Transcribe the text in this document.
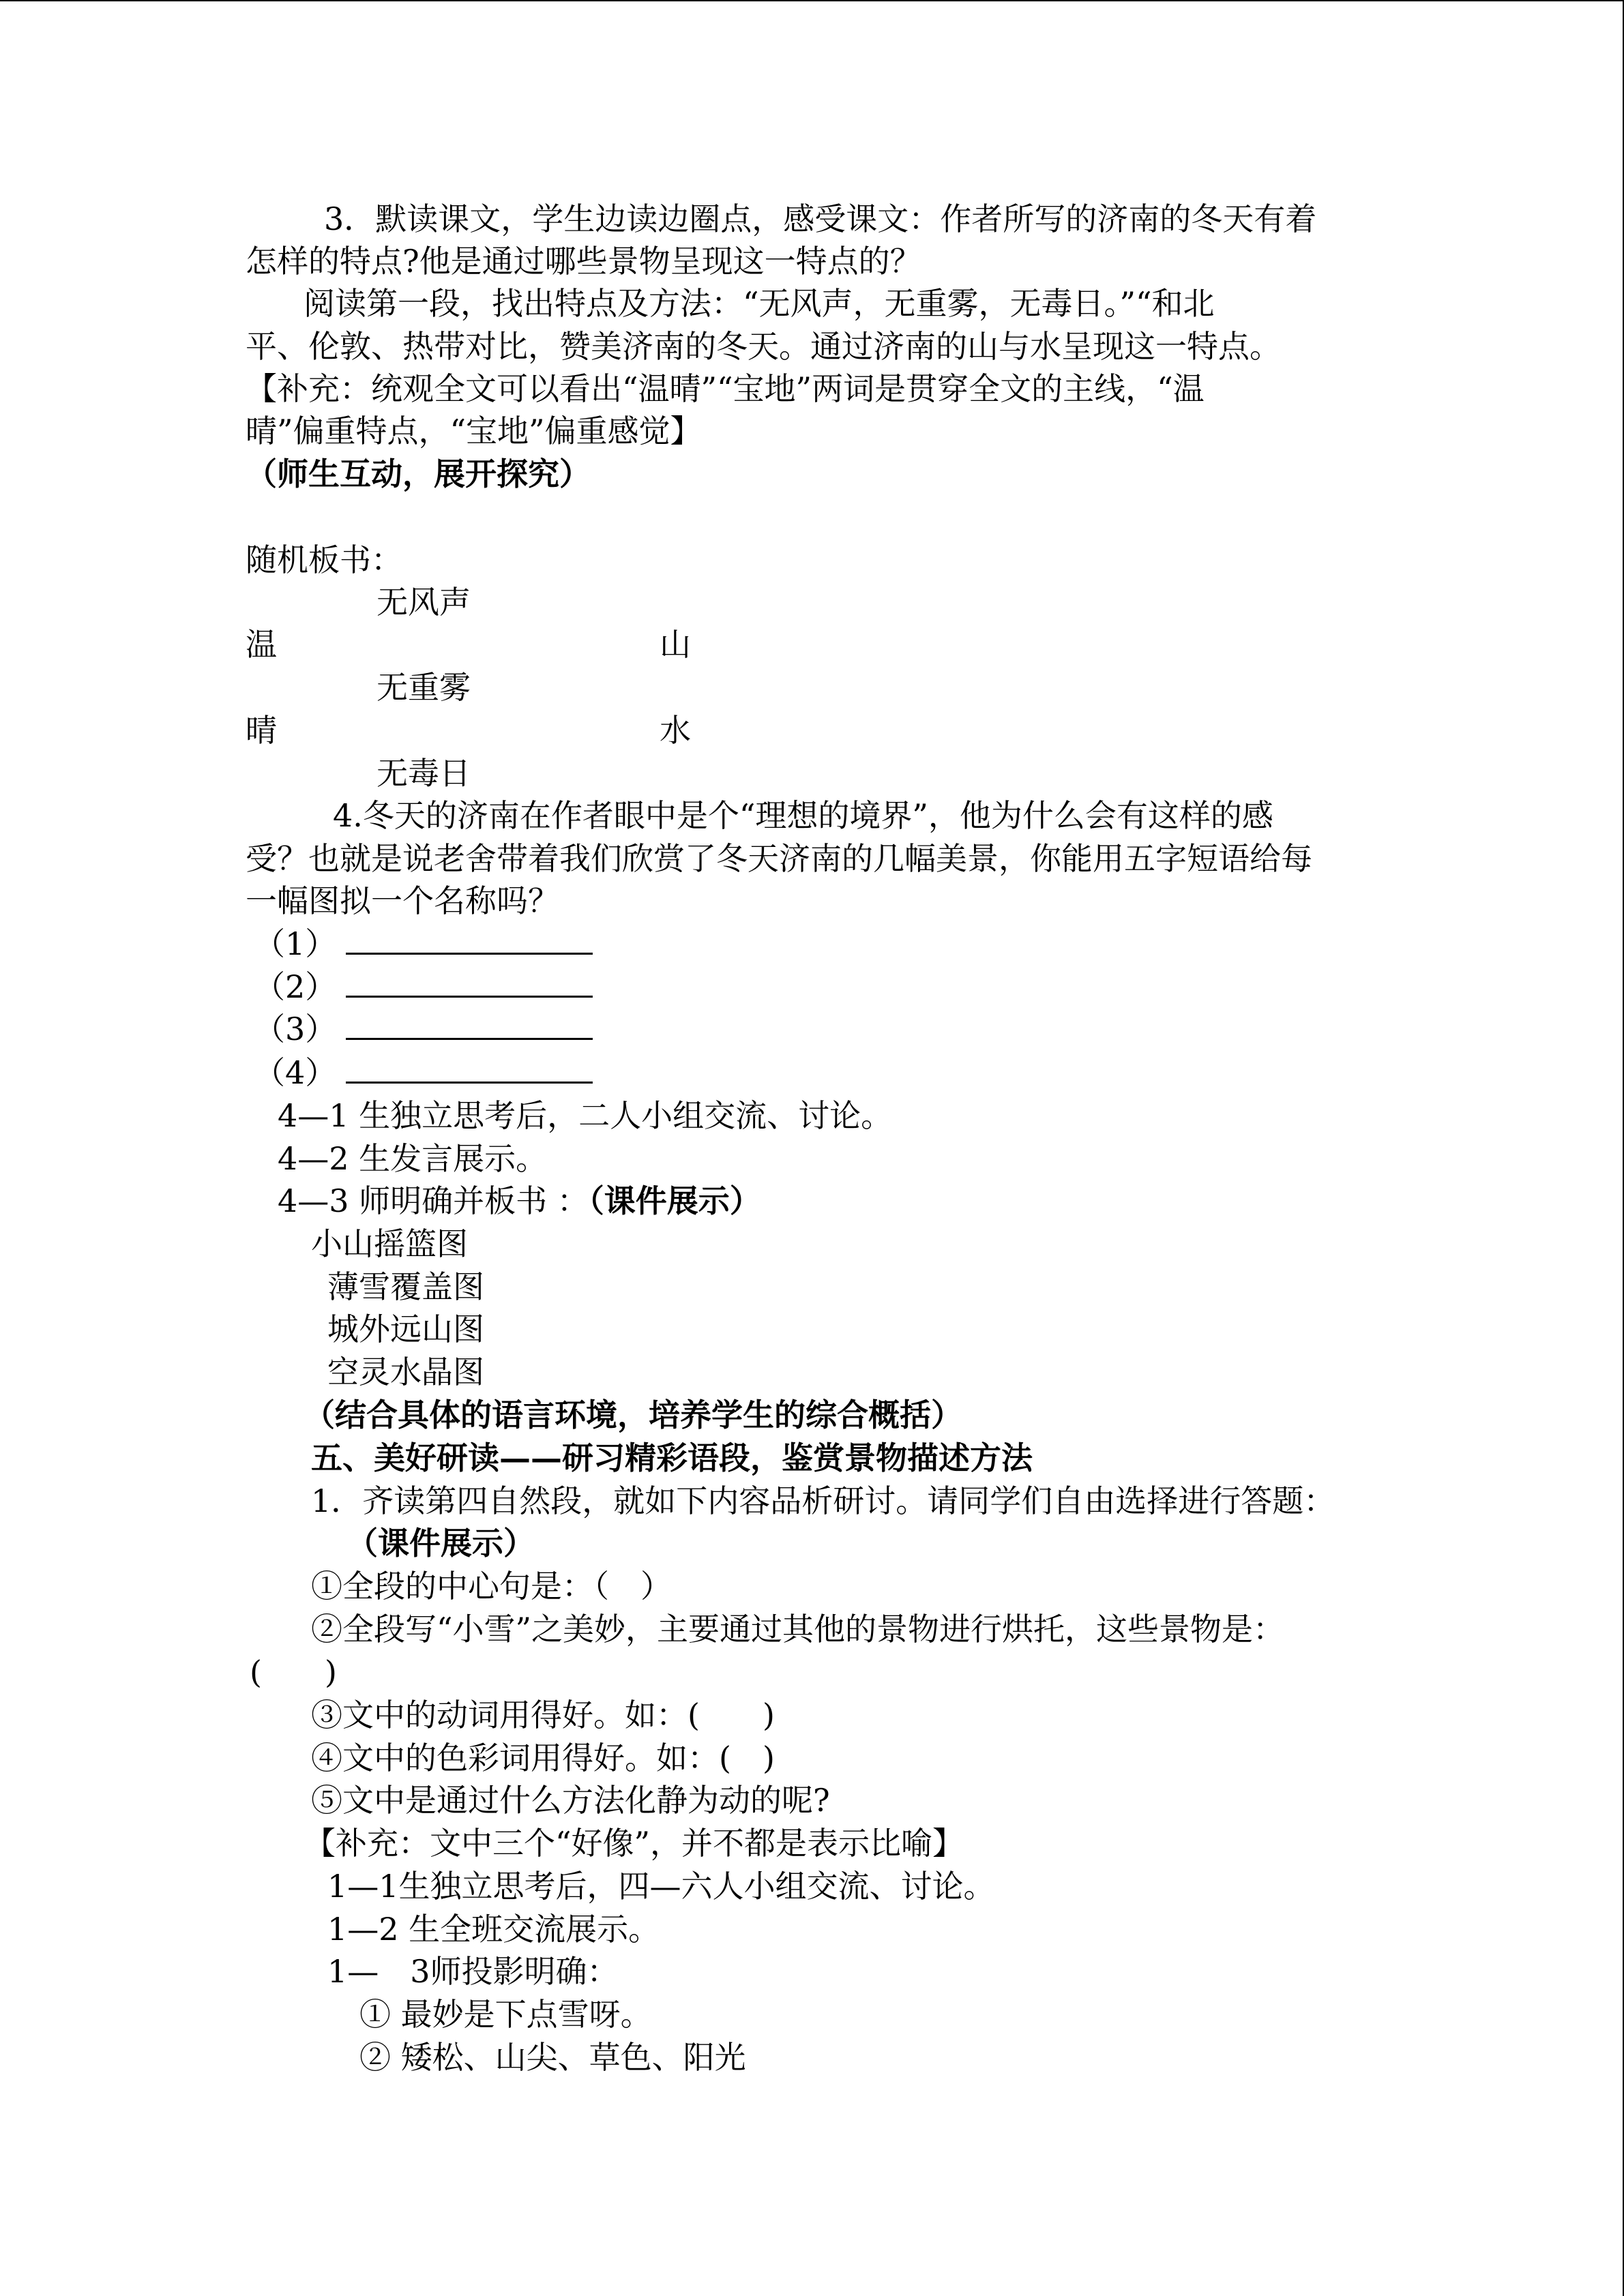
3．默读课文，学生边读边圈点，感受课文：作者所写的济南的冬天有着
怎样的特点?他是通过哪些景物呈现这一特点的？
阅读第一段，找出特点及方法：“无风声，无重雾，无毒日。”“和北
平、伦敦、热带对比，赞美济南的冬天。通过济南的山与水呈现这一特点。
【补充：统观全文可以看出“温晴”“宝地”两词是贯穿全文的主线，“温
晴”偏重特点，“宝地”偏重感觉】
（师生互动，展开探究）
随机板书：
无风声
温	山
无重雾
晴	水
无毒日
4.冬天的济南在作者眼中是个“理想的境界”，他为什么会有这样的感
受？也就是说老舍带着我们欣赏了冬天济南的几幅美景，你能用五字短语给每
一幅图拟一个名称吗？
（1）
（2）
（3）
（4）
4—1 生独立思考后，二人小组交流、讨论。
4—2 生发言展示。
4—3 师明确并板书 ：（课件展示）
小山摇篮图
薄雪覆盖图
城外远山图
空灵水晶图
（结合具体的语言环境，培养学生的综合概括）
五、美好研读——研习精彩语段，鉴赏景物描述方法
1．齐读第四自然段，就如下内容品析研讨。请同学们自由选择进行答题：
（课件展示）
①全段的中心句是：（　）
②全段写“小雪”之美妙，主要通过其他的景物进行烘托，这些景物是：
(　　)
③文中的动词用得好。如：(　　)
④文中的色彩词用得好。如：(　)
⑤文中是通过什么方法化静为动的呢?
【补充：文中三个“好像”，并不都是表示比喻】
1—1生独立思考后，四—六人小组交流、讨论。
1—2 生全班交流展示。
1—　3师投影明确：
① 最妙是下点雪呀。
② 矮松、山尖、草色、阳光
